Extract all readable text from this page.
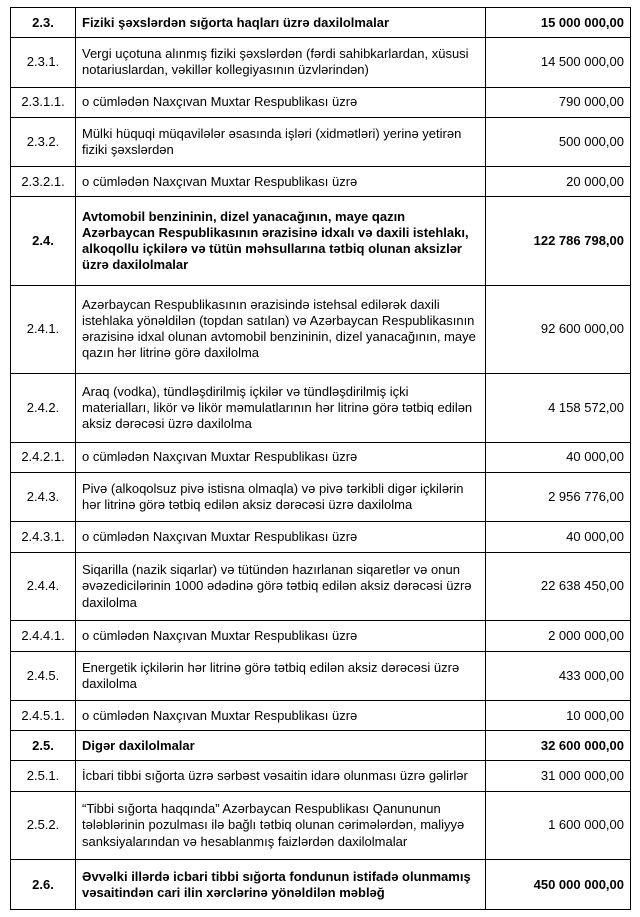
2.3.	Fiziki şəxslərdən sığorta haqları üzrə daxilolmalar	15 000 000,00
2.3.1.	Vergi uçotuna alınmış fiziki şəxslərdən (fərdi sahibkarlardan, xüsusi notariuslardan, vəkillər kollegiyasının üzvlərindən)	14 500 000,00
2.3.1.1.	o cümlədən Naxçıvan Muxtar Respublikası üzrə	790 000,00
2.3.2.	Mülki hüquqi müqavilələr əsasında işləri (xidmətləri) yerinə yetirən fiziki şəxslərdən	500 000,00
2.3.2.1.	o cümlədən Naxçıvan Muxtar Respublikası üzrə	20 000,00
2.4.	Avtomobil benzininin, dizel yanacağının, maye qazın Azərbaycan Respublikasının ərazisinə idxalı və daxili istehlakı, alkoqollu içkilərə və tütün məhsullarına tətbiq olunan aksizlər üzrə daxilolmalar	122 786 798,00
2.4.1.	Azərbaycan Respublikasının ərazisində istehsal edilərək daxili istehlaka yönəldilən (topdan satılan) və Azərbaycan Respublikasının ərazisinə idxal olunan avtomobil benzininin, dizel yanacağının, maye qazın hər litrinə görə daxilolma	92 600 000,00
2.4.2.	Araq (vodka), tündləşdirilmiş içkilər və tündləşdirilmiş içki materialları, likör və likör məmulatlarının hər litrinə görə tətbiq edilən aksiz dərəcəsi üzrə daxilolma	4 158 572,00
2.4.2.1.	o cümlədən Naxçıvan Muxtar Respublikası üzrə	40 000,00
2.4.3.	Pivə (alkoqolsuz pivə istisna olmaqla) və pivə tərkibli digər içkilərin hər litrinə görə tətbiq edilən aksiz dərəcəsi üzrə daxilolma	2 956 776,00
2.4.3.1.	o cümlədən Naxçıvan Muxtar Respublikası üzrə	40 000,00
2.4.4.	Siqarilla (nazik siqarlar) və tütündən hazırlanan siqaretlər və onun əvəzedicilərinin 1000 ədədinə görə tətbiq edilən aksiz dərəcəsi üzrə daxilolma	22 638 450,00
2.4.4.1.	o cümlədən Naxçıvan Muxtar Respublikası üzrə	2 000 000,00
2.4.5.	Energetik içkilərin hər litrinə görə tətbiq edilən aksiz dərəcəsi üzrə daxilolma	433 000,00
2.4.5.1.	o cümlədən Naxçıvan Muxtar Respublikası üzrə	10 000,00
2.5.	Digər daxilolmalar	32 600 000,00
2.5.1.	İcbari tibbi sığorta üzrə sərbəst vəsaitin idarə olunması üzrə gəlirlər	31 000 000,00
2.5.2.	“Tibbi sığorta haqqında” Azərbaycan Respublikası Qanununun tələblərinin pozulması ilə bağlı tətbiq olunan cərimələrdən, maliyyə sanksiyalarından və hesablanmış faizlərdən daxilolmalar	1 600 000,00
2.6.	Əvvəlki illərdə icbari tibbi sığorta fondunun istifadə olunmamış vəsaitindən cari ilin xərclərinə yönəldilən məbləğ	450 000 000,00
